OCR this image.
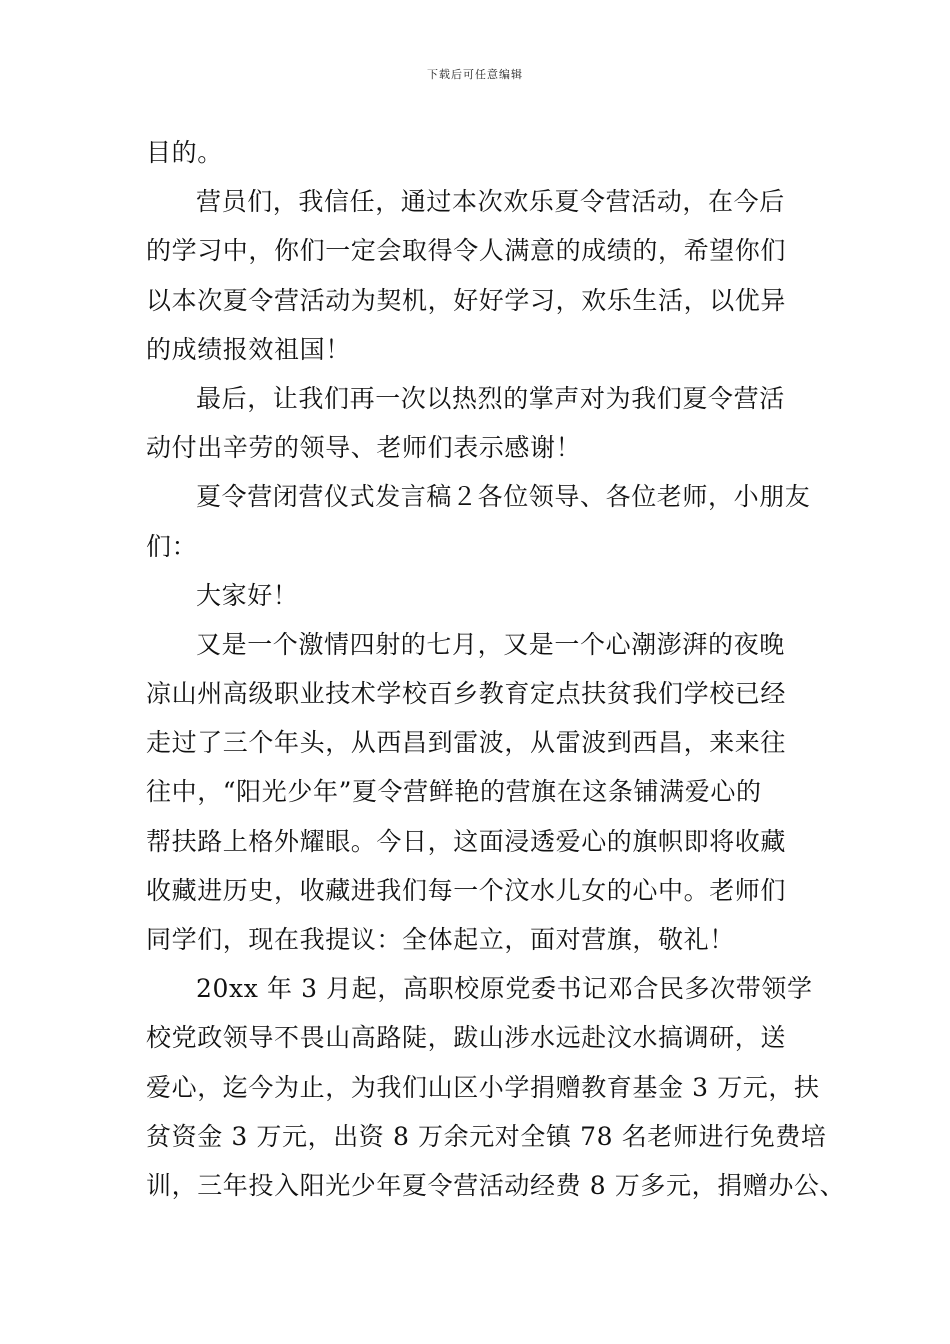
下载后可任意编辑
目的。
营员们，我信任，通过本次欢乐夏令营活动，在今后
的学习中，你们一定会取得令人满意的成绩的，希望你们
以本次夏令营活动为契机，好好学习，欢乐生活，以优异
的成绩报效祖国！
最后，让我们再一次以热烈的掌声对为我们夏令营活
动付出辛劳的领导、老师们表示感谢！
夏令营闭营仪式发言稿２各位领导、各位老师，小朋友
们：
大家好！
又是一个激情四射的七月，又是一个心潮澎湃的夜晚
凉山州高级职业技术学校百乡教育定点扶贫我们学校已经
走过了三个年头，从西昌到雷波，从雷波到西昌，来来往
往中，“阳光少年”夏令营鲜艳的营旗在这条铺满爱心的
帮扶路上格外耀眼。今日，这面浸透爱心的旗帜即将收藏
收藏进历史，收藏进我们每一个汶水儿女的心中。老师们
同学们，现在我提议：全体起立，面对营旗，敬礼！
20xx 年 3 月起，高职校原党委书记邓合民多次带领学
校党政领导不畏山高路陡，跋山涉水远赴汶水搞调研，送
爱心，迄今为止，为我们山区小学捐赠教育基金 3 万元，扶
贫资金 3 万元，出资 8 万余元对全镇 78 名老师进行免费培
训，三年投入阳光少年夏令营活动经费 8 万多元，捐赠办公、
